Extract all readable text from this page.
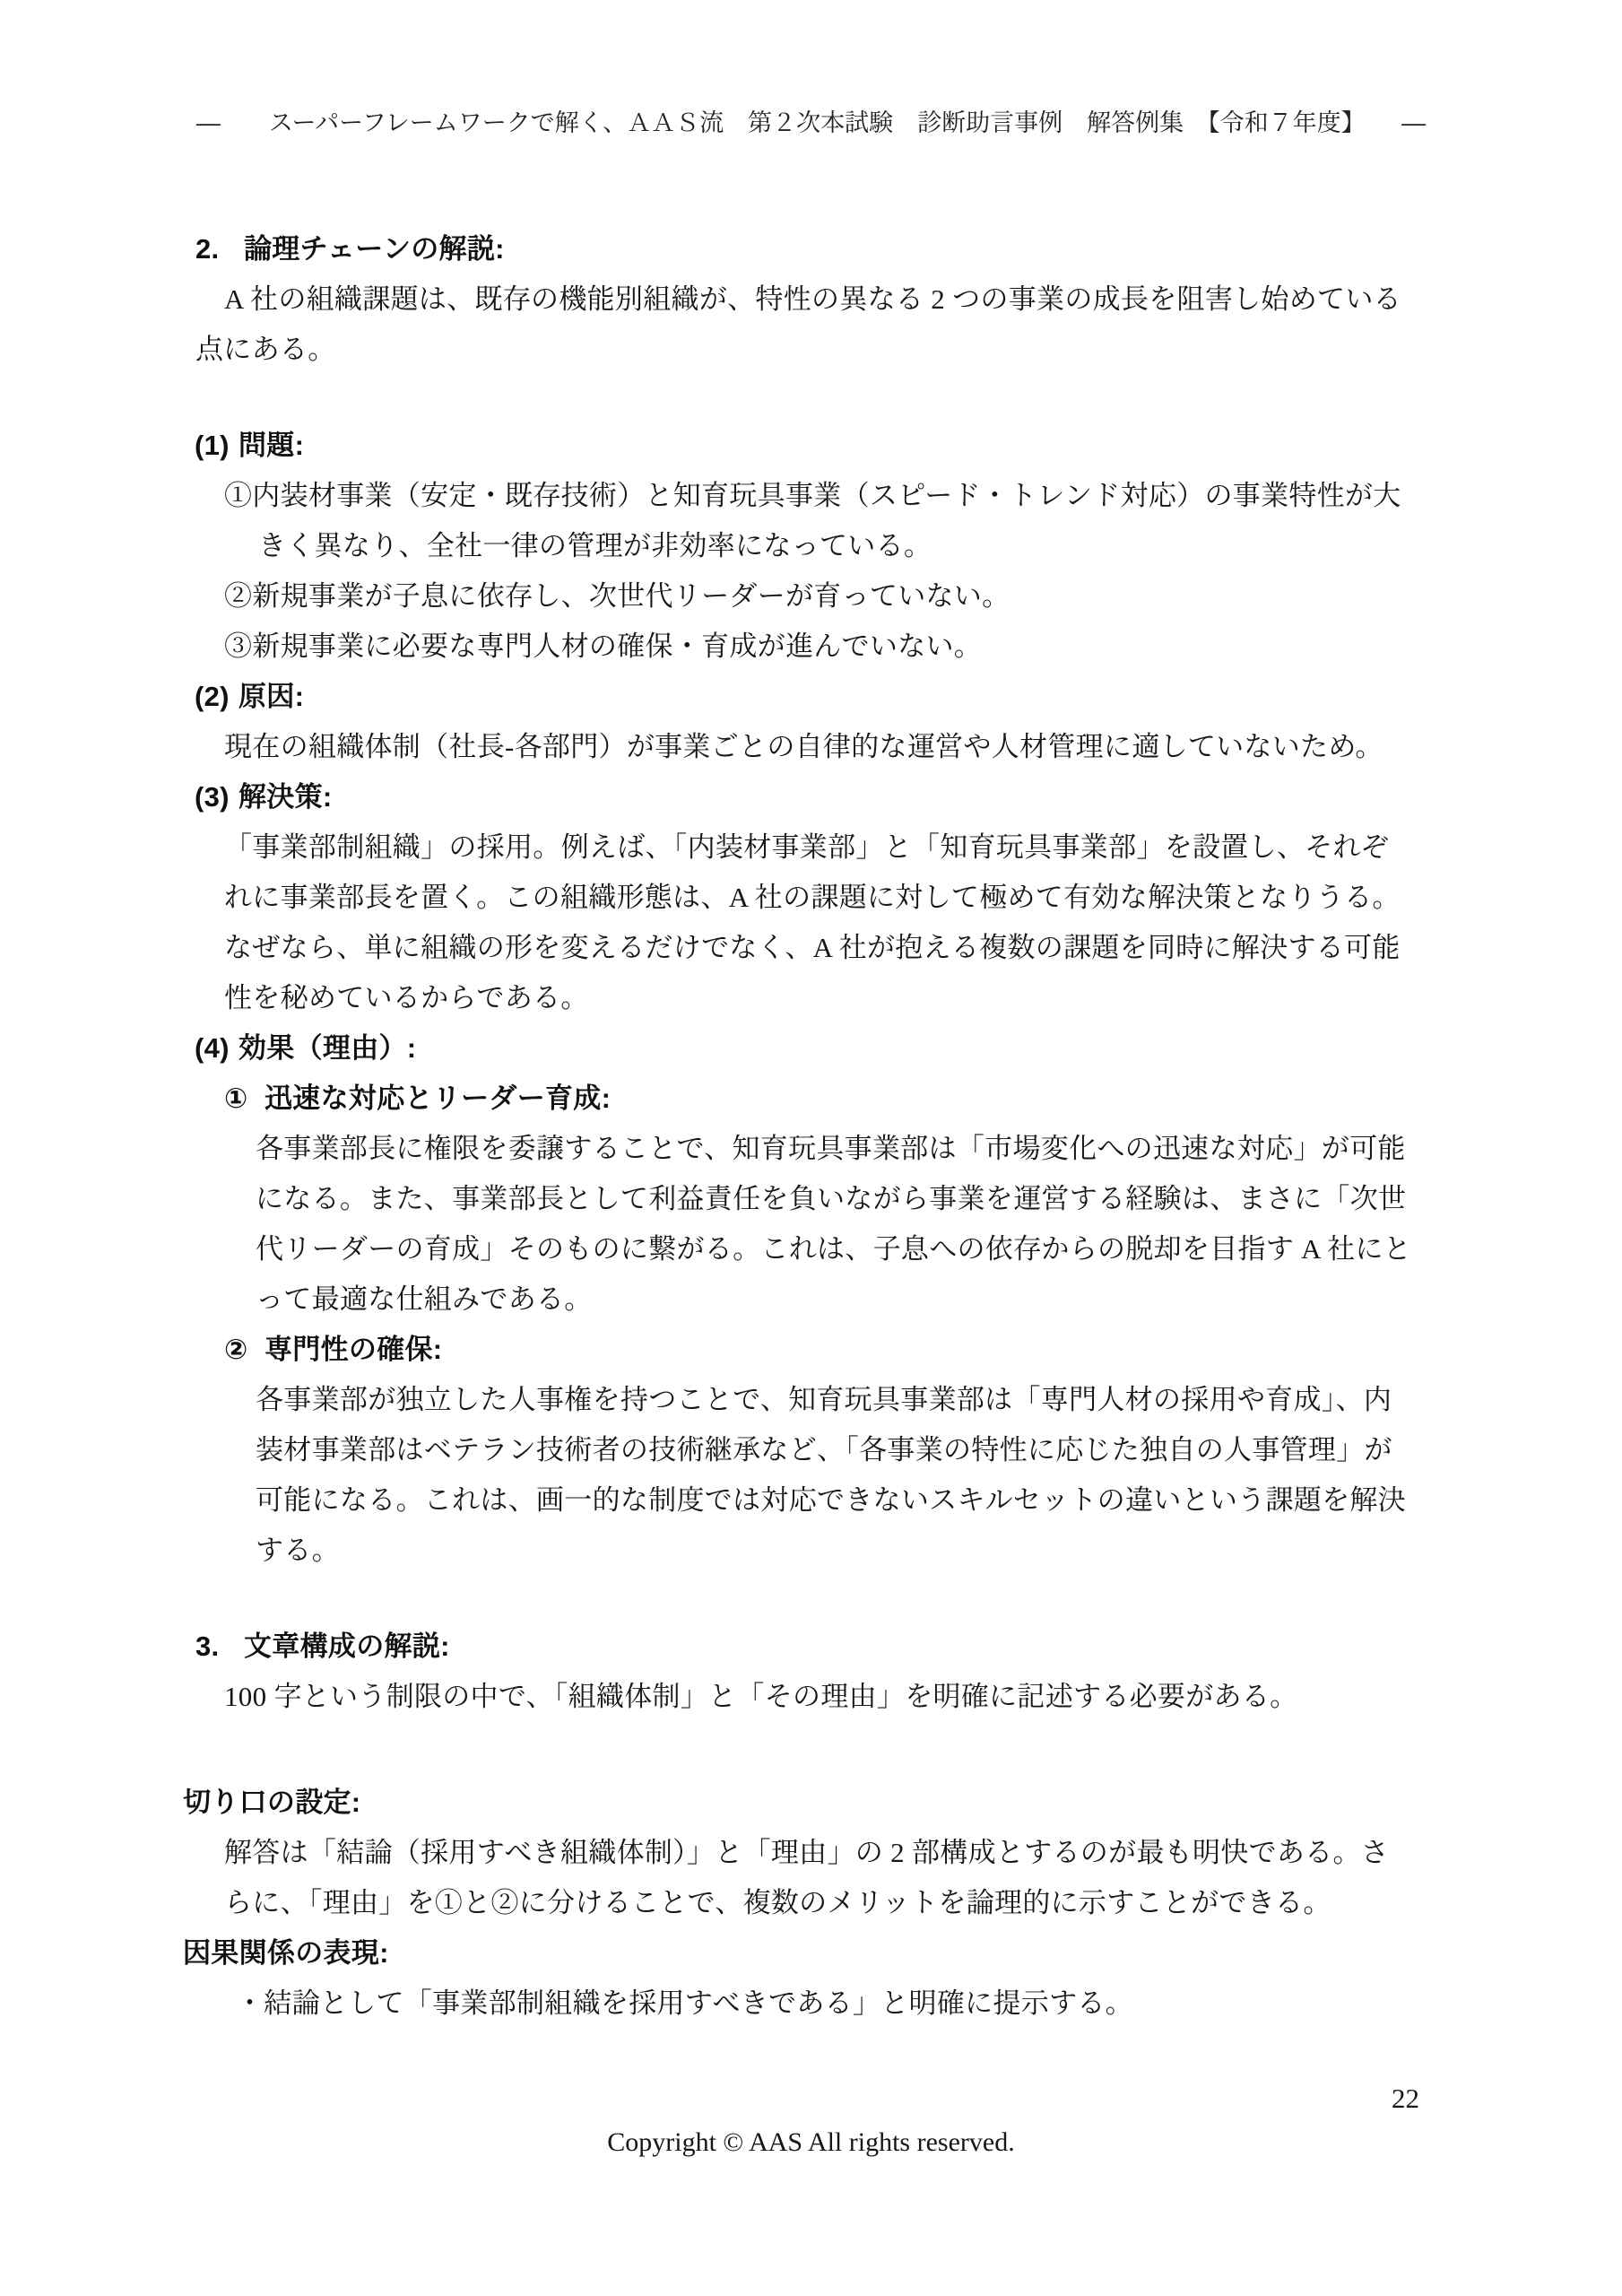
―　　スーパーフレームワークで解く、ＡＡＳ流　第２次本試験　診断助言事例　解答例集　【令和７年度】　　―
2. 論理チェーンの解説:
A 社の組織課題は、既存の機能別組織が、特性の異なる 2 つの事業の成長を阻害し始めている
点にある。
(1) 問題:
①内装材事業（安定・既存技術）と知育玩具事業（スピード・トレンド対応）の事業特性が大
きく異なり、全社一律の管理が非効率になっている。
②新規事業が子息に依存し、次世代リーダーが育っていない。
③新規事業に必要な専門人材の確保・育成が進んでいない。
(2) 原因:
現在の組織体制（社長-各部門）が事業ごとの自律的な運営や人材管理に適していないため。
(3) 解決策:
「事業部制組織」の採用。例えば、「内装材事業部」と「知育玩具事業部」を設置し、それぞ
れに事業部長を置く。この組織形態は、A 社の課題に対して極めて有効な解決策となりうる。
なぜなら、単に組織の形を変えるだけでなく、A 社が抱える複数の課題を同時に解決する可能
性を秘めているからである。
(4) 効果（理由）:
① 迅速な対応とリーダー育成:
各事業部長に権限を委譲することで、知育玩具事業部は「市場変化への迅速な対応」が可能
になる。また、事業部長として利益責任を負いながら事業を運営する経験は、まさに「次世
代リーダーの育成」そのものに繋がる。これは、子息への依存からの脱却を目指す A 社にと
って最適な仕組みである。
② 専門性の確保:
各事業部が独立した人事権を持つことで、知育玩具事業部は「専門人材の採用や育成」、内
装材事業部はベテラン技術者の技術継承など、「各事業の特性に応じた独自の人事管理」が
可能になる。これは、画一的な制度では対応できないスキルセットの違いという課題を解決
する。
3. 文章構成の解説:
100 字という制限の中で、「組織体制」と「その理由」を明確に記述する必要がある。
切り口の設定:
解答は「結論（採用すべき組織体制）」と「理由」の 2 部構成とするのが最も明快である。さ
らに、「理由」を①と②に分けることで、複数のメリットを論理的に示すことができる。
因果関係の表現:
・結論として「事業部制組織を採用すべきである」と明確に提示する。
22
Copyright © AAS All rights reserved.
